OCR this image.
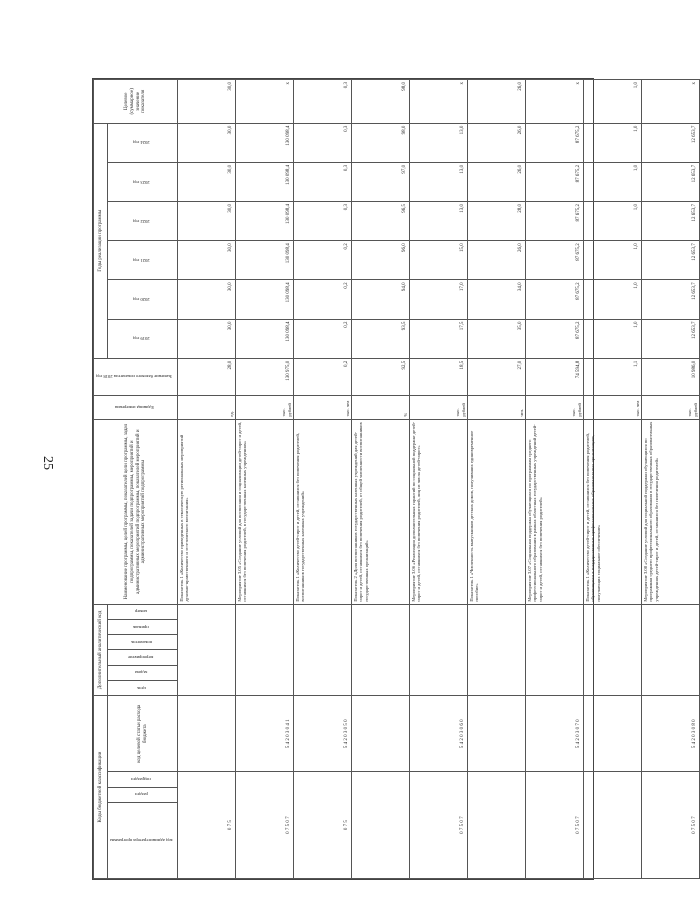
25
Коды бюджетной классификации				Дополнительный аналитический код						Наименование программы, целей программы, показателей цели программы, задач подпрограммы, показателей задачи подпрограммы, мероприятий и административных мероприятий подпрограммы, показателей мероприятий и административных мероприятий подпрограммы	Единица измерения	Значение базового показателя 2018 год	Годы реализации программы						Целевое (суммарное) значение показателя
код администратора программы	раздел	подраздел	код целевой статьи расхода бюджета	цель	задача	мероприятие	показатель	признак	номер				2019 год	2020 год	2021 год	2022 год	2023 год	2024 год	
0 7 5										Показатель 1 «Количество приведенных в тематическую региональных мероприятий духовно-нравственного и эстетического воспитания»	ед.	28,0	30,0	30,0	30,0	30,0	30,0	30,0	30,0
0 7 5 0 7			5 4 2 0 3 0 4 1							Мероприятие 3.05 «Создание условий для воспитания и социализации детей-сирот и детей, оставшихся без попечения родителей, в государственных казенных учреждениях»	тыс. рублей	130 975,0	130 098,4	130 098,4	130 098,4	130 098,4	130 098,4	130 098,4	x
0 7 5			5 4 2 0 3 0 5 0							Показатель 1 «Количество детей-сирот и детей, оставшихся без попечения родителей, воспитанников государственных казенных учреждений»	тыс. чел	0,2	0,2	0,2	0,2	0,3	0,3	0,3	0,3
										Показатель 2 «Доля воспитанников государственных казенных учреждений для детей-сирот и детей, оставшихся без попечения родителей, от общей численности воспитанников государственных организаций»	%	92,5	93,5	94,0	96,0	96,5	97,0	98,0	98,0
0 7 5 0 7			5 4 2 0 3 0 6 0							Мероприятие 3.06 «Реализация дополнительных гарантий по социальной поддержке детей-сирот и детей, оставшихся без попечения родителей, лиц из числа детей-сирот»	тыс. рублей	18,5	17,5	17,0	15,0	13,0	13,0	13,0	x
										Показатель 1 «Численность выпускников детских домов, получивших единовременное пособие»	чел.	27,0	35,0	34,0	26,0	28,0	26,0	26,0	26,0
0 7 5 0 7			5 4 2 0 3 0 7 0							Мероприятие 3.07 «Социальная поддержка обучающихся по программам среднего профессионального образования в рамках областных государственных учреждений детей-сирот и детей, оставшихся без попечения родителей»	тыс. рублей	74 594,8	87 675,2	87 675,2	87 675,2	87 675,2	87 675,2	87 675,2	x
										Показатель 1 «Количество детей-сирот и детей, оставшихся без попечения родителей, обучающихся в государственных профессиональных образовательных организациях, получающих социальное обеспечение»	тыс. чел	1,1	1,0	1,0	1,0	1,0	1,0	1,0	1,0
0 7 5 0 7			5 4 2 0 3 0 8 0							Мероприятие 3.08 «Создание условий для социальной поддержки обучающихся по программам среднего профессионального образования в государственных образовательных учреждениях детей-сирот и детей, оставшихся без попечения родителей»	тыс. рублей	10 986,0	12 653,7	12 653,7	12 653,7	12 653,7	12 653,7	12 653,7	x
